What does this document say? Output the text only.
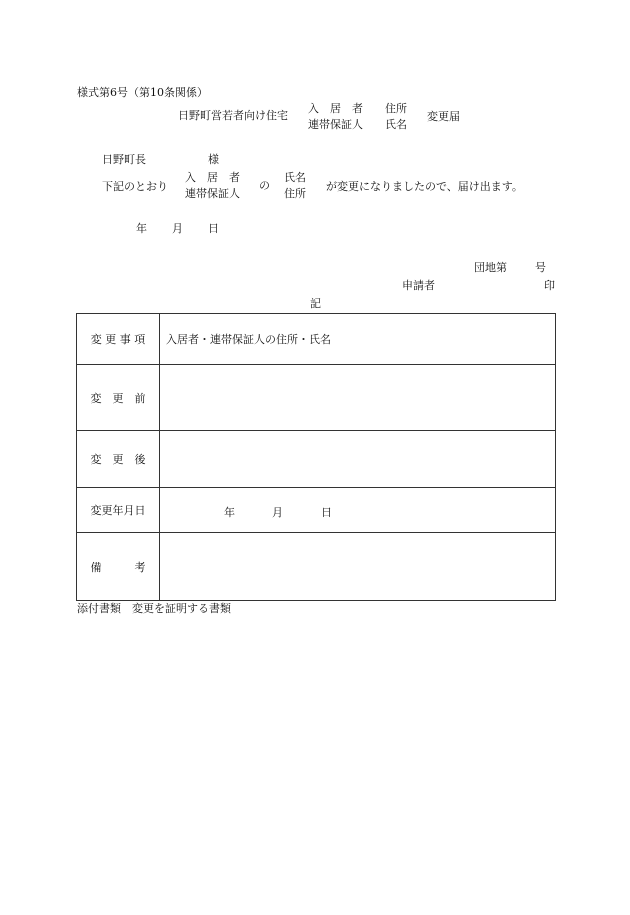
様式第6号（第10条関係）
日野町営若者向け住宅
入　居　者
連帯保証人
住所
氏名
変更届
日野町長	様
下記のとおり
入　居　者
連帯保証人
の
氏名
住所
が変更になりましたので、届け出ます。
年 月 日
団地第	号
申請者	印
記
変 更 事 項	入居者・連帯保証人の住所・氏名
変　更　前	
変　更　後	
変更年月日	年 月 日

備　　　考	
添付書類　変更を証明する書類
